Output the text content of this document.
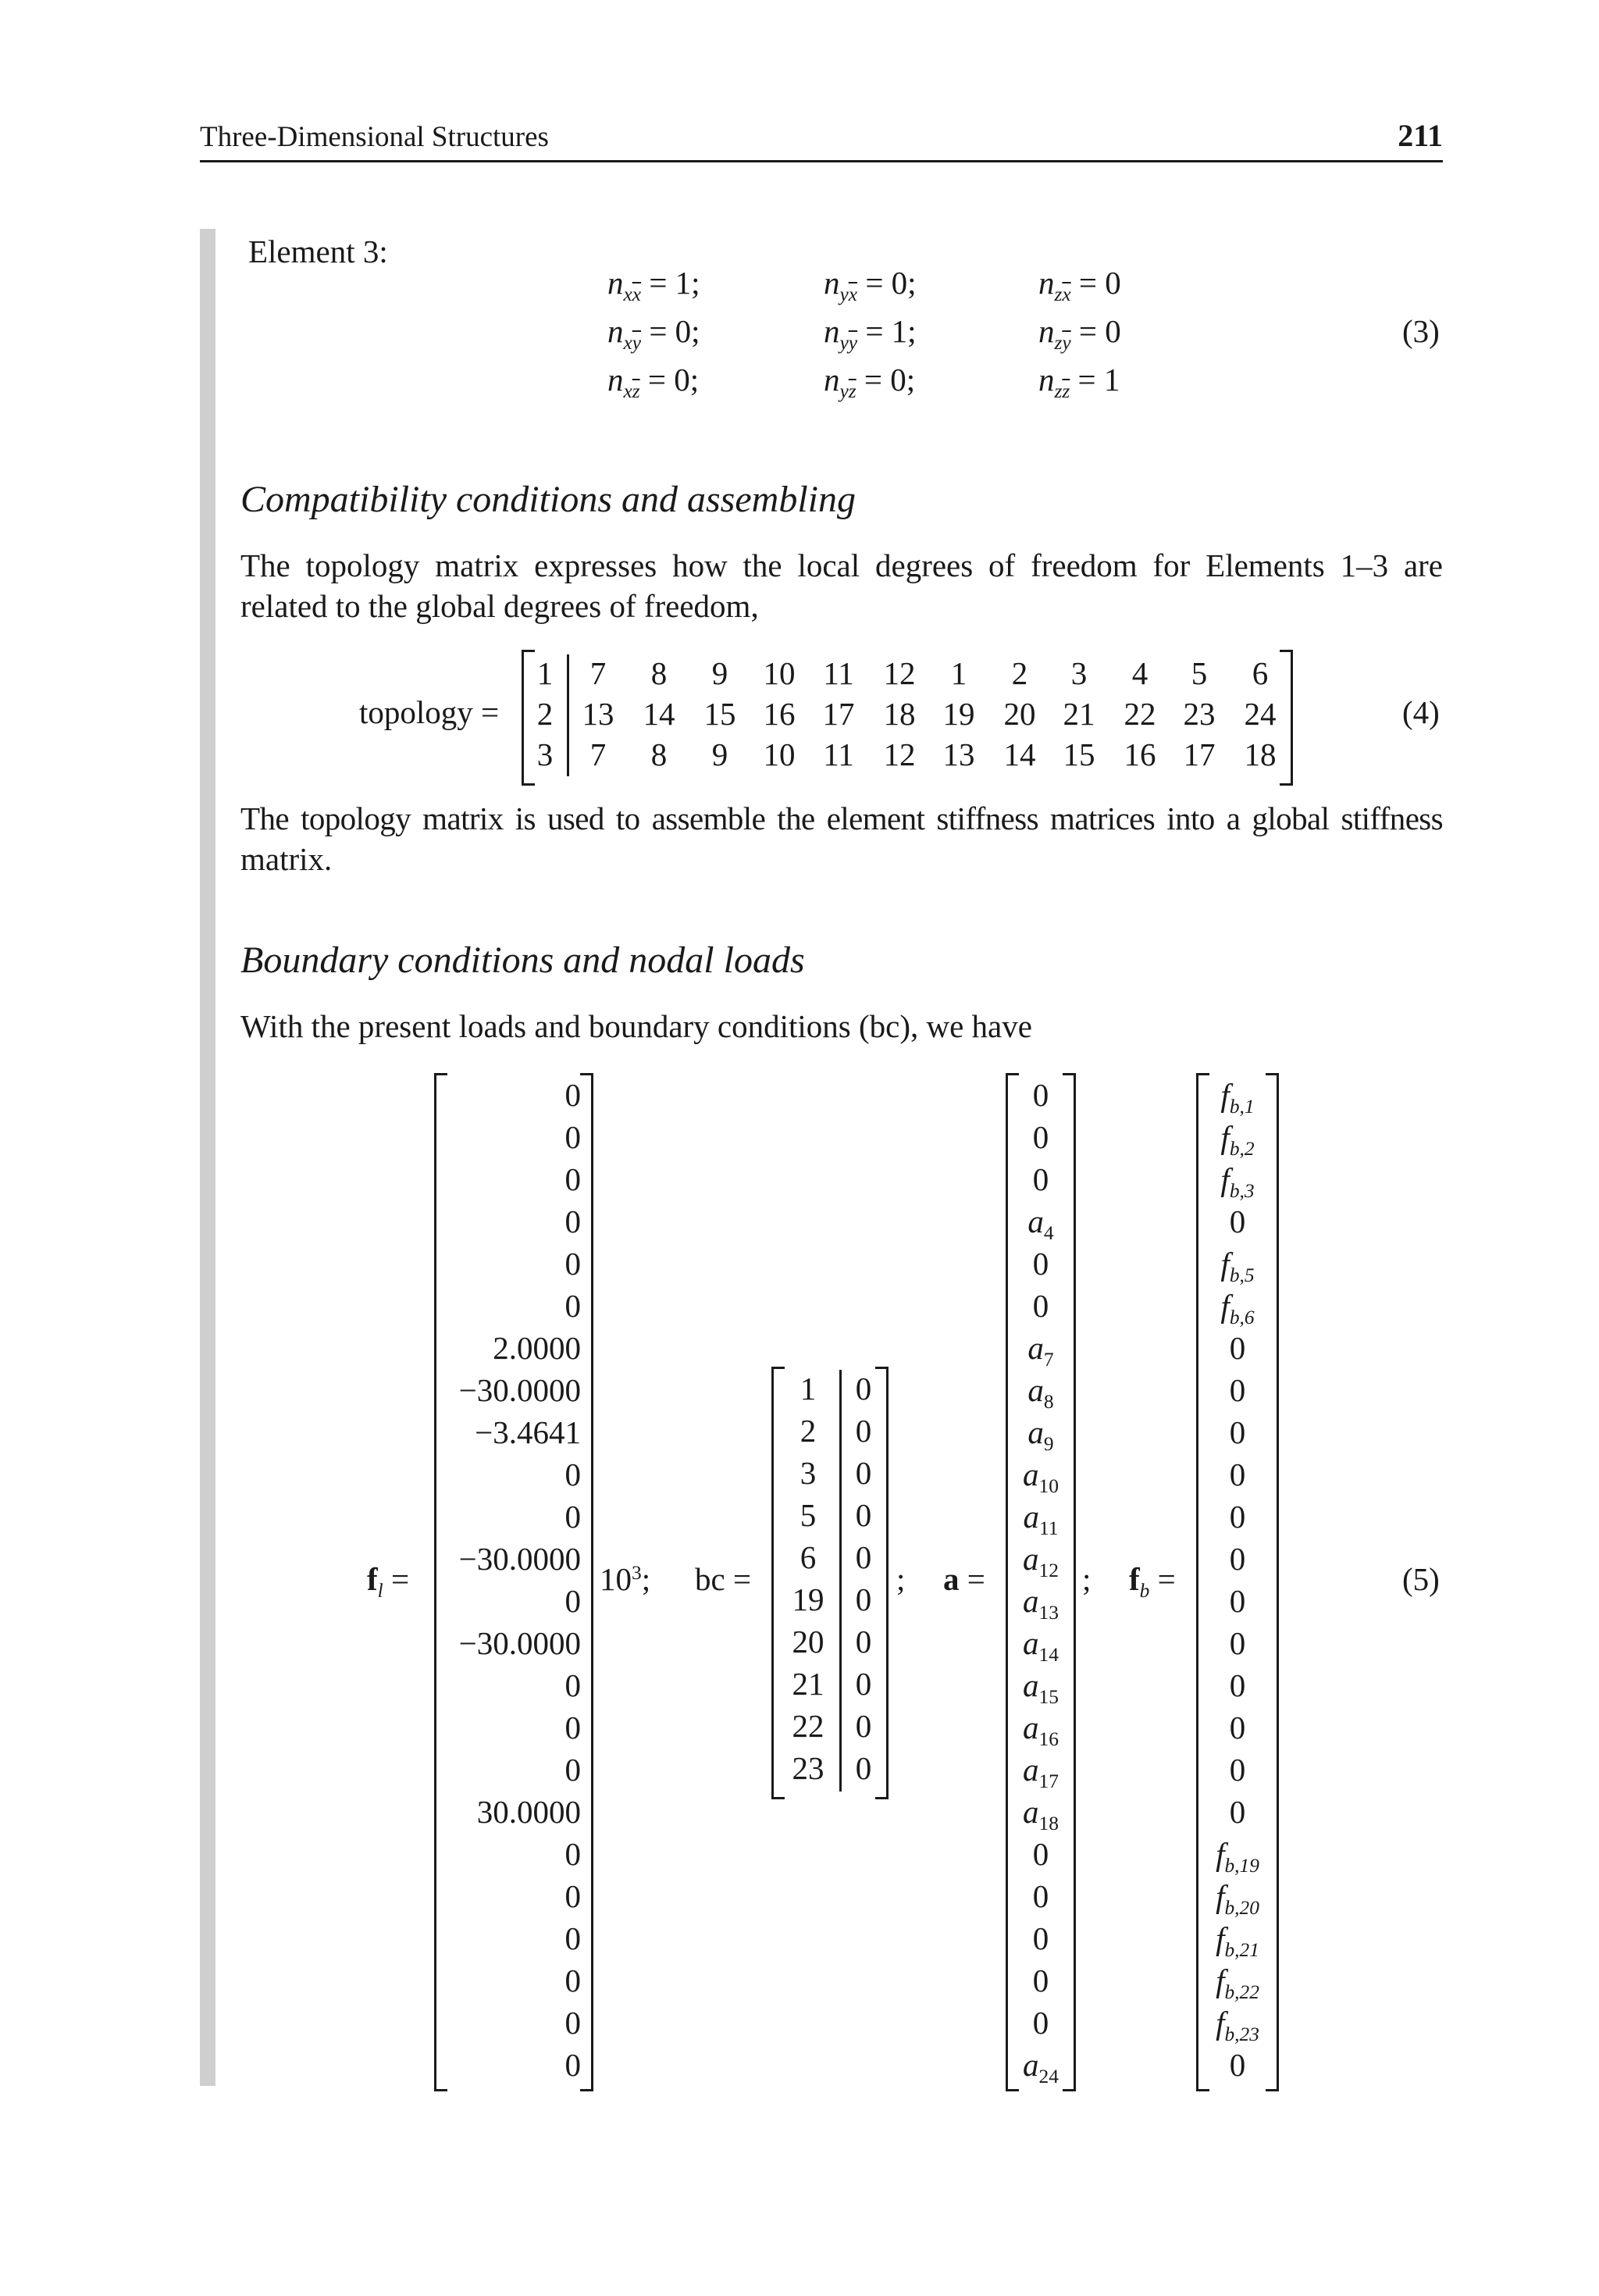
Three-Dimensional Structures	211
Element 3:
$n_{x\overline{x}} = 1$;	$n_{y\overline{x}} = 0$;	$n_{z\overline{x}} = 0$
$n_{x\overline{y}} = 0$;	$n_{y\overline{y}} = 1$;	$n_{z\overline{y}} = 0$
$n_{x\overline{z}} = 0$;	$n_{y\overline{z}} = 0$;	$n_{z\overline{z}} = 1$
(3)
Compatibility conditions and assembling
The topology matrix expresses how the local degrees of freedom for Elements 1–3 are
related to the global degrees of freedom,
topology =	(4)
The topology matrix is used to assemble the element stiffness matrices into a global stiffness
matrix.
Boundary conditions and nodal loads
With the present loads and boundary conditions (bc), we have
$f_l$ =	$10^3$; bc =	; a =	; $f_b$ =	(5)
1	7	8	9	10 11 12	1	2	3	4	5	6
2 13 14 15 16 17 18 19 20 21 22 23 24
3	7	8	9	10 11 12 13 14 15 16 17 18
0
0
0
0
0
0
2.0000
−30.0000
−3.4641
0
0
−30.0000
0
−30.0000
0
0
0
30.0000
0
0
0
0
0
0
1	0
2	0
3	0
5	0
6	0
19 0
20 0
21 0
22 0
23 0
0
0
0
$a_4$
0
0
$a_7$
$a_8$
$a_9$
$a_{10}$
$a_{11}$
$a_{12}$
$a_{13}$
$a_{14}$
$a_{15}$
$a_{16}$
$a_{17}$
$a_{18}$
0
0
0
0
0
$a_{24}$
$f_{b,1}$
$f_{b,2}$
$f_{b,3}$
0
$f_{b,5}$
$f_{b,6}$
0
0
0
0
0
0
0
0
0
0
0
0
$f_{b,19}$
$f_{b,20}$
$f_{b,21}$
$f_{b,22}$
$f_{b,23}$
0
